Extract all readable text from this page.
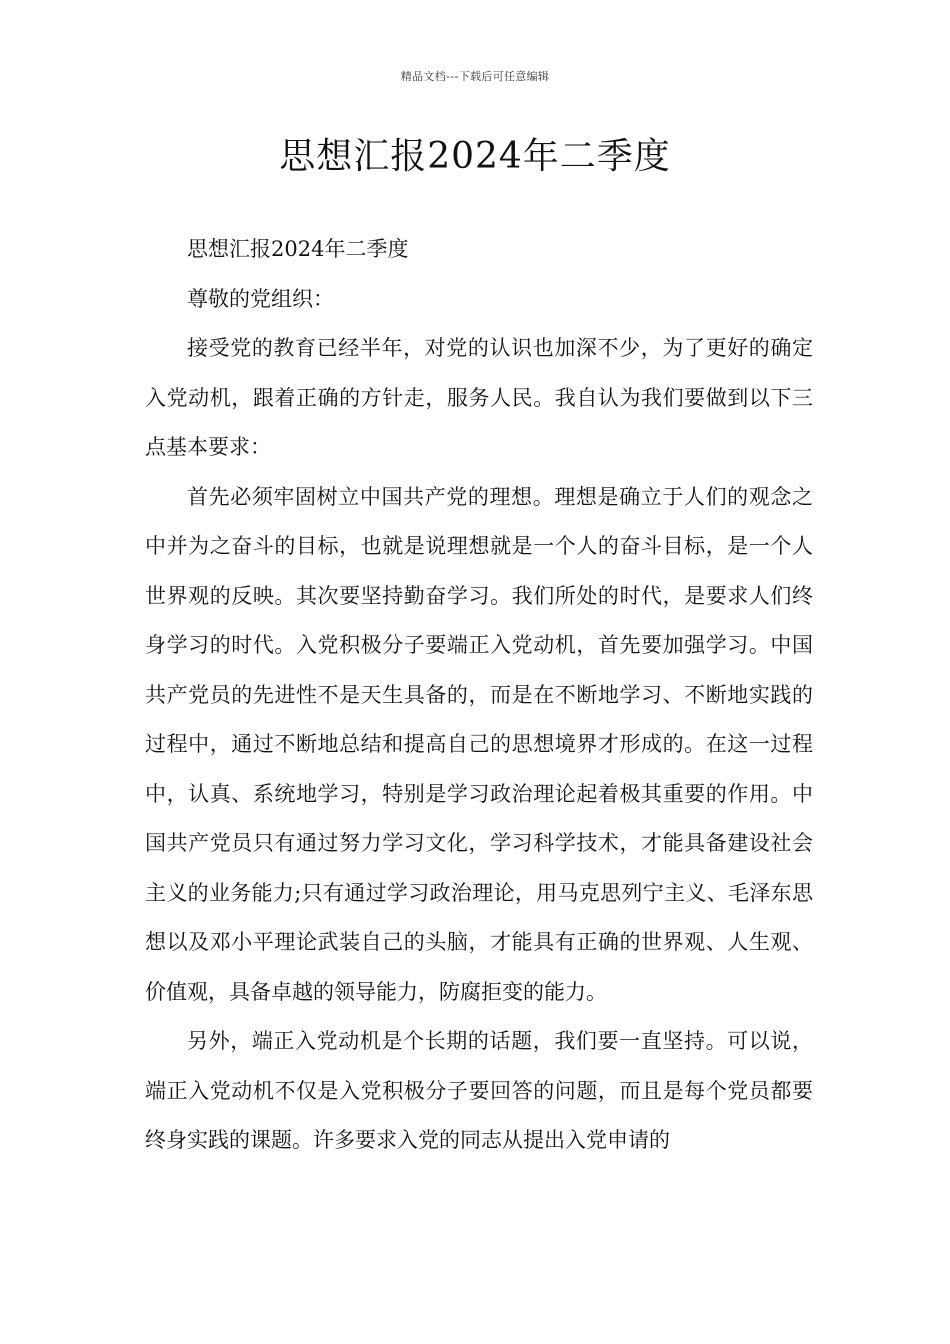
精品文档---下载后可任意编辑
思想汇报2024年二季度

思想汇报2024年二季度

尊敬的党组织：

接受党的教育已经半年，对党的认识也加深不少，为了更好的确定入党动机，跟着正确的方针走，服务人民。我自认为我们要做到以下三点基本要求：

首先必须牢固树立中国共产党的理想。理想是确立于人们的观念之中并为之奋斗的目标，也就是说理想就是一个人的奋斗目标，是一个人世界观的反映。其次要坚持勤奋学习。我们所处的时代，是要求人们终身学习的时代。入党积极分子要端正入党动机，首先要加强学习。中国共产党员的先进性不是天生具备的，而是在不断地学习、不断地实践的过程中，通过不断地总结和提高自己的思想境界才形成的。在这一过程中，认真、系统地学习，特别是学习政治理论起着极其重要的作用。中国共产党员只有通过努力学习文化，学习科学技术，才能具备建设社会主义的业务能力;只有通过学习政治理论，用马克思列宁主义、毛泽东思想以及邓小平理论武装自己的头脑，才能具有正确的世界观、人生观、价值观，具备卓越的领导能力，防腐拒变的能力。

另外，端正入党动机是个长期的话题，我们要一直坚持。可以说，端正入党动机不仅是入党积极分子要回答的问题，而且是每个党员都要终身实践的课题。许多要求入党的同志从提出入党申请的
